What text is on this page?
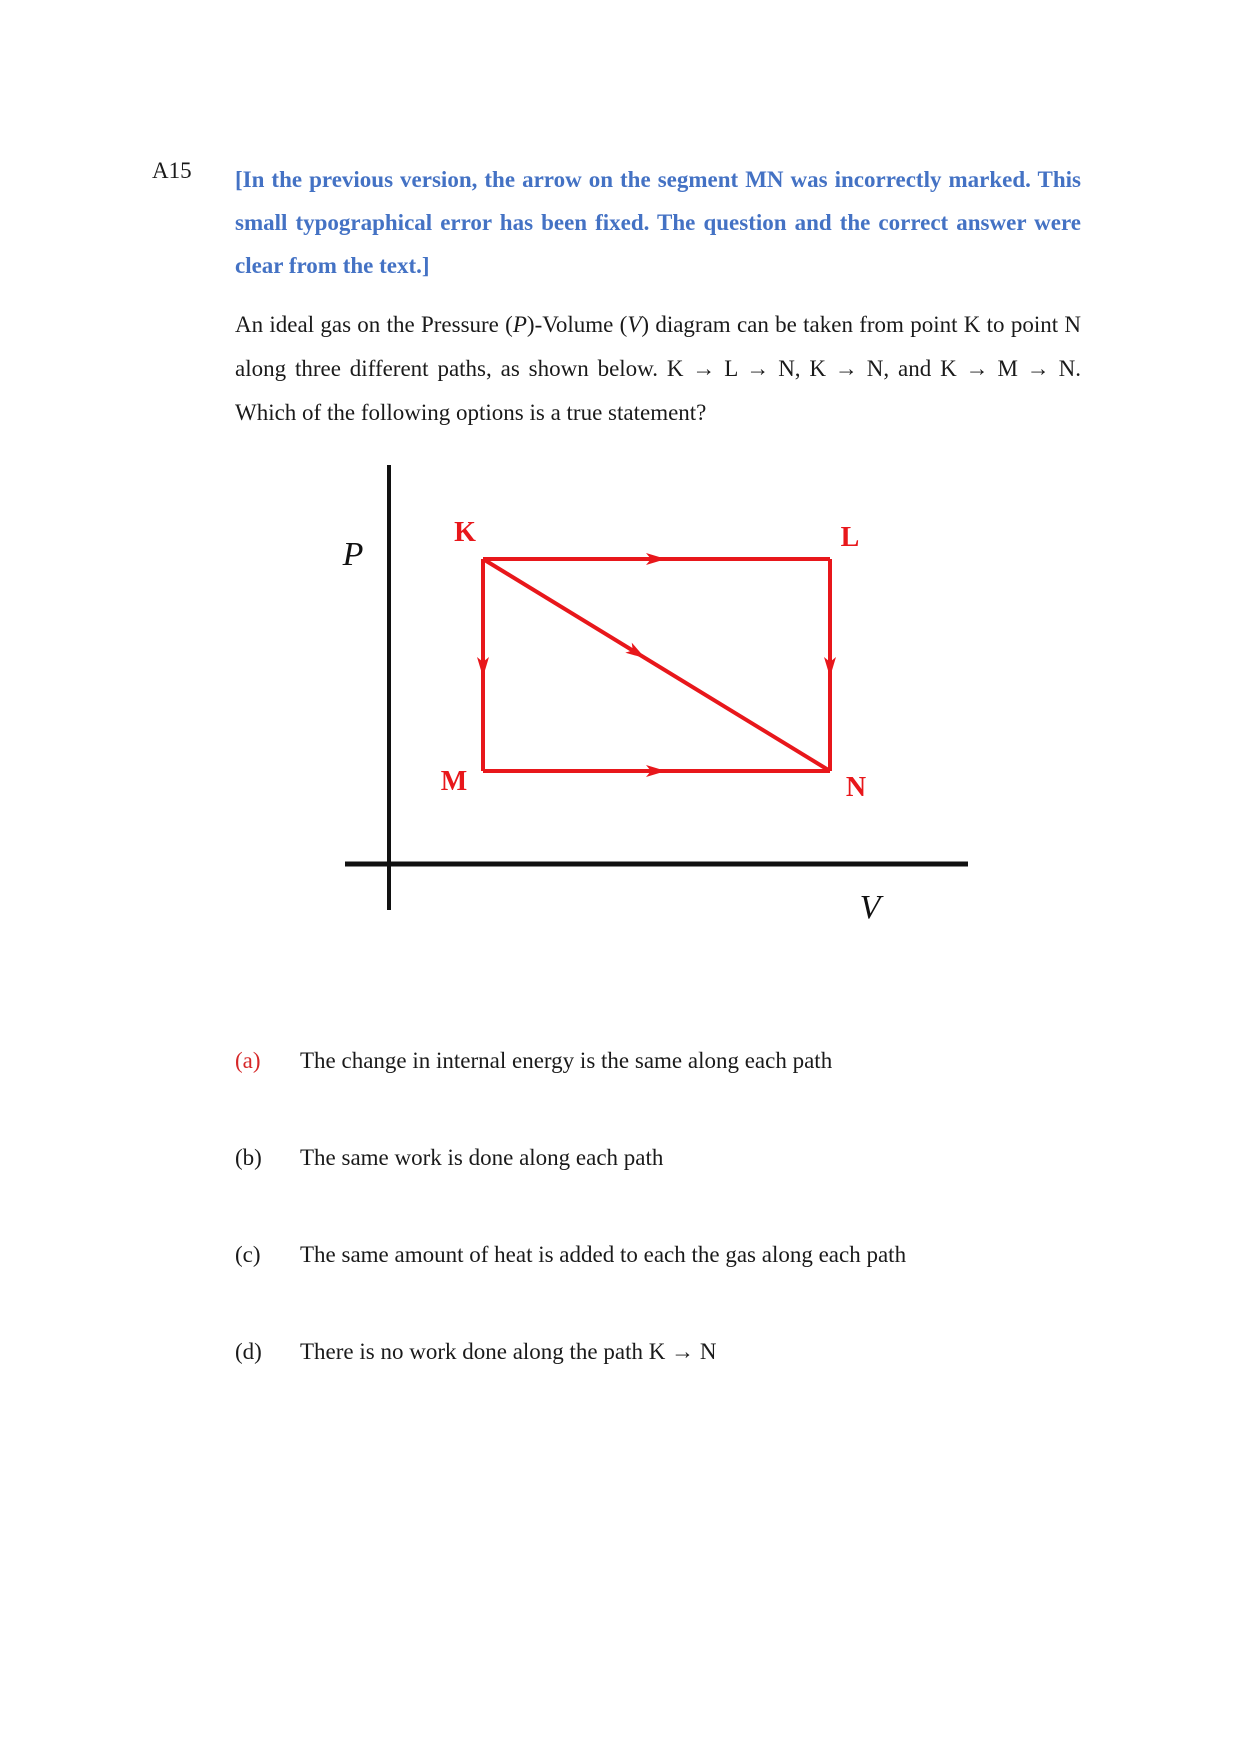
A15 [In the previous version, the arrow on the segment MN was incorrectly marked. This small typographical error has been fixed. The question and the correct answer were clear from the text.]
An ideal gas on the Pressure (P)-Volume (V) diagram can be taken from point K to point N along three different paths, as shown below. K → L → N, K → N, and K → M → N. Which of the following options is a true statement?
P
V
K	L
M	N
(a) The change in internal energy is the same along each path
(b) The same work is done along each path
(c) The same amount of heat is added to each the gas along each path
(d) There is no work done along the path K → N
